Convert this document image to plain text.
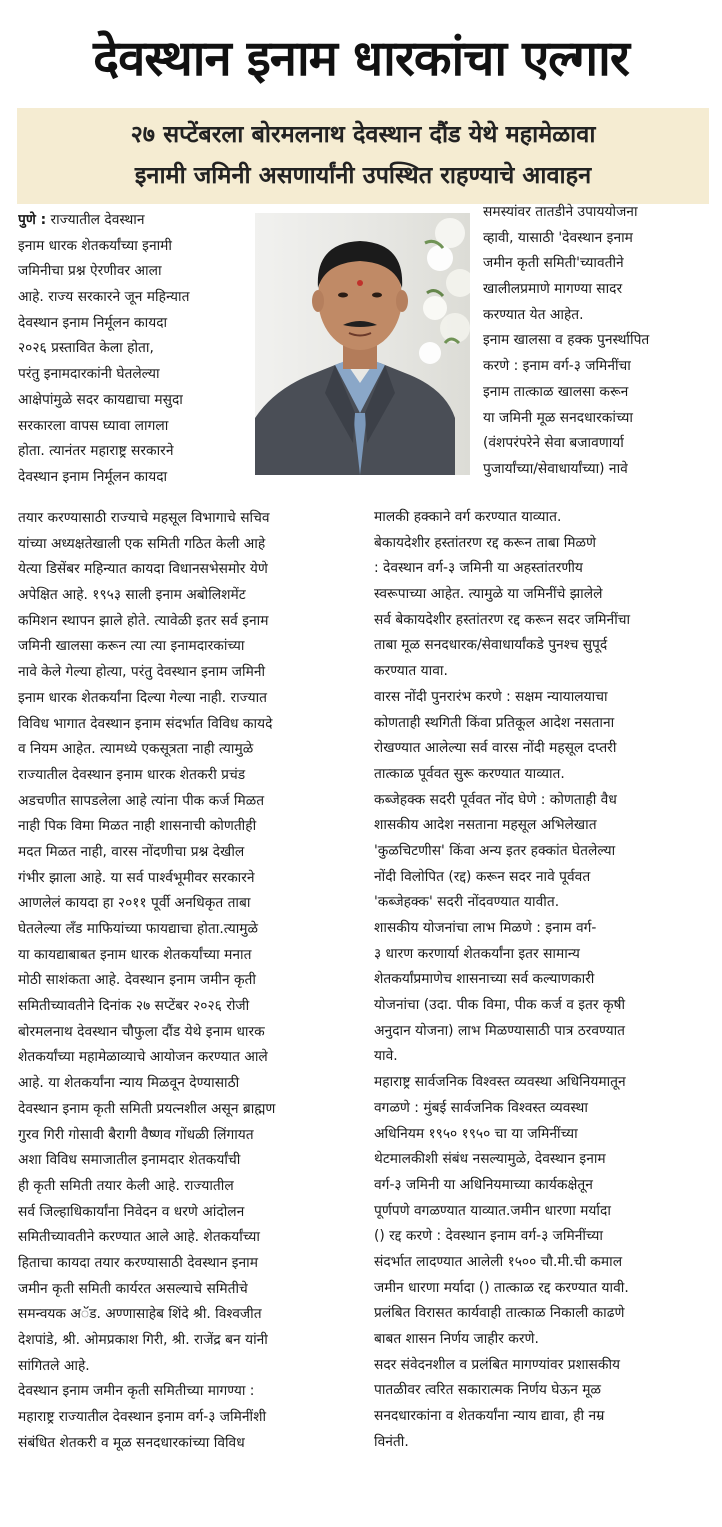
देवस्थान इनाम धारकांचा एल्गार
२७ सप्टेंबरला बोरमलनाथ देवस्थान दौंड येथे महामेळावा
इनामी जमिनी असणार्यांनी उपस्थित राहण्याचे आवाहन
पुणे : राज्यातील देवस्थान
इनाम धारक शेतकर्यांच्या इनामी
जमिनीचा प्रश्न ऐरणीवर आला
आहे. राज्य सरकारने जून महिन्यात
देवस्थान इनाम निर्मूलन कायदा
२०२६ प्रस्तावित केला होता,
परंतु इनामदारकांनी घेतलेल्या
आक्षेपांमुळे सदर कायद्याचा मसुदा
सरकारला वापस घ्यावा लागला
होता. त्यानंतर महाराष्ट्र सरकारने
देवस्थान इनाम निर्मूलन कायदा
तयार करण्यासाठी राज्याचे महसूल विभागाचे सचिव
यांच्या अध्यक्षतेखाली एक समिती गठित केली आहे
येत्या डिसेंबर महिन्यात कायदा विधानसभेसमोर येणे
अपेक्षित आहे. १९५३ साली इनाम अबोलिशमेंट
कमिशन स्थापन झाले होते. त्यावेळी इतर सर्व इनाम
जमिनी खालसा करून त्या त्या इनामदारकांच्या
नावे केले गेल्या होत्या, परंतु देवस्थान इनाम जमिनी
इनाम धारक शेतकर्यांना दिल्या गेल्या नाही. राज्यात
विविध भागात देवस्थान इनाम संदर्भात विविध कायदे
व नियम आहेत. त्यामध्ये एकसूत्रता नाही त्यामुळे
राज्यातील देवस्थान इनाम धारक शेतकरी प्रचंड
अडचणीत सापडलेला आहे त्यांना पीक कर्ज मिळत
नाही पिक विमा मिळत नाही शासनाची कोणतीही
मदत मिळत नाही, वारस नोंदणीचा प्रश्न देखील
गंभीर झाला आहे. या सर्व पार्श्वभूमीवर सरकारने
आणलेलं कायदा हा २०११ पूर्वी अनधिकृत ताबा
घेतलेल्या लँड माफियांच्या फायद्याचा होता.त्यामुळे
या कायद्याबाबत इनाम धारक शेतकर्यांच्या मनात
मोठी साशंकता आहे. देवस्थान इनाम जमीन कृती
समितीच्यावतीने दिनांक २७ सप्टेंबर २०२६ रोजी
बोरमलनाथ देवस्थान चौफुला दौंड येथे इनाम धारक
शेतकर्यांच्या महामेळाव्याचे आयोजन करण्यात आले
आहे. या शेतकर्यांना न्याय मिळवून देण्यासाठी
देवस्थान इनाम कृती समिती प्रयत्नशील असून ब्राह्मण
गुरव गिरी गोसावी बैरागी वैष्णव गोंधळी लिंगायत
अशा विविध समाजातील इनामदार शेतकर्यांची
ही कृती समिती तयार केली आहे. राज्यातील
सर्व जिल्हाधिकार्यांना निवेदन व धरणे आंदोलन
समितीच्यावतीने करण्यात आले आहे. शेतकर्यांच्या
हिताचा कायदा तयार करण्यासाठी देवस्थान इनाम
जमीन कृती समिती कार्यरत असल्याचे समितीचे
समन्वयक अॅड. अण्णासाहेब शिंदे श्री. विश्वजीत
देशपांडे, श्री. ओमप्रकाश गिरी, श्री. राजेंद्र बन यांनी
सांगितले आहे.
देवस्थान इनाम जमीन कृती समितीच्या मागण्या :
महाराष्ट्र राज्यातील देवस्थान इनाम वर्ग-३ जमिनींशी
संबंधित शेतकरी व मूळ सनदधारकांच्या विविध
समस्यांवर तातडीने उपाययोजना
व्हावी, यासाठी 'देवस्थान इनाम
जमीन कृती समिती'च्यावतीने
खालीलप्रमाणे मागण्या सादर
करण्यात येत आहेत.
इनाम खालसा व हक्क पुनर्स्थापित
करणे : इनाम वर्ग-३ जमिनींचा
इनाम तात्काळ खालसा करून
या जमिनी मूळ सनदधारकांच्या
(वंशपरंपरेने सेवा बजावणार्या
पुजार्यांच्या/सेवाधार्यांच्या) नावे
मालकी हक्काने वर्ग करण्यात याव्यात.
बेकायदेशीर हस्तांतरण रद्द करून ताबा मिळणे
: देवस्थान वर्ग-३ जमिनी या अहस्तांतरणीय
स्वरूपाच्या आहेत. त्यामुळे या जमिनींचे झालेले
सर्व बेकायदेशीर हस्तांतरण रद्द करून सदर जमिनींचा
ताबा मूळ सनदधारक/सेवाधार्यांकडे पुनश्च सुपूर्द
करण्यात यावा.
वारस नोंदी पुनरारंभ करणे : सक्षम न्यायालयाचा
कोणताही स्थगिती किंवा प्रतिकूल आदेश नसताना
रोखण्यात आलेल्या सर्व वारस नोंदी महसूल दप्तरी
तात्काळ पूर्ववत सुरू करण्यात याव्यात.
कब्जेहक्क सदरी पूर्ववत नोंद घेणे : कोणताही वैध
शासकीय आदेश नसताना महसूल अभिलेखात
'कुळचिटणीस' किंवा अन्य इतर हक्कांत घेतलेल्या
नोंदी विलोपित (रद्द) करून सदर नावे पूर्ववत
'कब्जेहक्क' सदरी नोंदवण्यात यावीत.
शासकीय योजनांचा लाभ मिळणे : इनाम वर्ग-
३ धारण करणार्या शेतकर्यांना इतर सामान्य
शेतकर्यांप्रमाणेच शासनाच्या सर्व कल्याणकारी
योजनांचा (उदा. पीक विमा, पीक कर्ज व इतर कृषी
अनुदान योजना) लाभ मिळण्यासाठी पात्र ठरवण्यात
यावे.
महाराष्ट्र सार्वजनिक विश्वस्त व्यवस्था अधिनियमातून
वगळणे : मुंबई सार्वजनिक विश्वस्त व्यवस्था
अधिनियम १९५० १९५० चा या जमिनींच्या
थेटमालकीशी संबंध नसल्यामुळे, देवस्थान इनाम
वर्ग-३ जमिनी या अधिनियमाच्या कार्यकक्षेतून
पूर्णपणे वगळण्यात याव्यात.जमीन धारणा मर्यादा
() रद्द करणे : देवस्थान इनाम वर्ग-३ जमिनींच्या
संदर्भात लादण्यात आलेली १५०० चौ.मी.ची कमाल
जमीन धारणा मर्यादा () तात्काळ रद्द करण्यात यावी.
प्रलंबित विरासत कार्यवाही तात्काळ निकाली काढणे
बाबत शासन निर्णय जाहीर करणे.
सदर संवेदनशील व प्रलंबित मागण्यांवर प्रशासकीय
पातळीवर त्वरित सकारात्मक निर्णय घेऊन मूळ
सनदधारकांना व शेतकर्यांना न्याय द्यावा, ही नम्र
विनंती.
